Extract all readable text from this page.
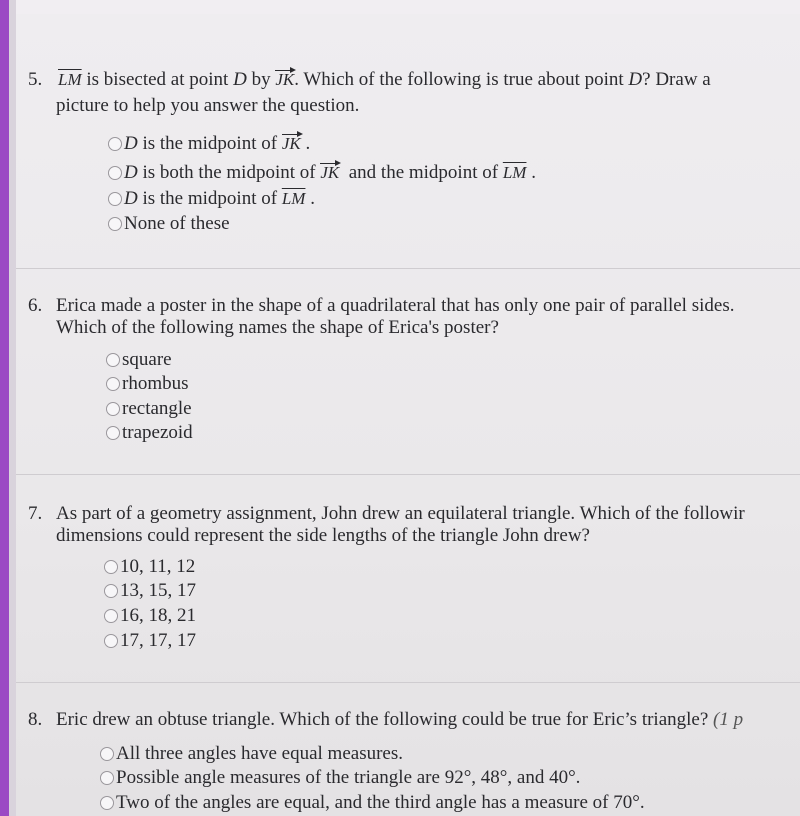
5. $\overline{LM}$ is bisected at point D by JK. Which of the following is true about point D? Draw a
picture to help you answer the question.
D
is the midpoint of
JK
.
D
is both the midpoint of
JK
and the midpoint of
$\overline{LM}$
.
D
is the midpoint of
$\overline{LM}$
.
None of these
6. Erica made a poster in the shape of a quadrilateral that has only one pair of parallel sides.
Which of the following names the shape of Erica's poster?
square
rhombus
rectangle
trapezoid
7. As part of a geometry assignment, John drew an equilateral triangle. Which of the followir
dimensions could represent the side lengths of the triangle John drew?
10, 11, 12
13, 15, 17
16, 18, 21
17, 17, 17
8. Eric drew an obtuse triangle. Which of the following could be true for Eric’s triangle? (1 p
All three angles have equal measures.
Possible angle measures of the triangle are 92°, 48°, and 40°.
Two of the angles are equal, and the third angle has a measure of 70°.
